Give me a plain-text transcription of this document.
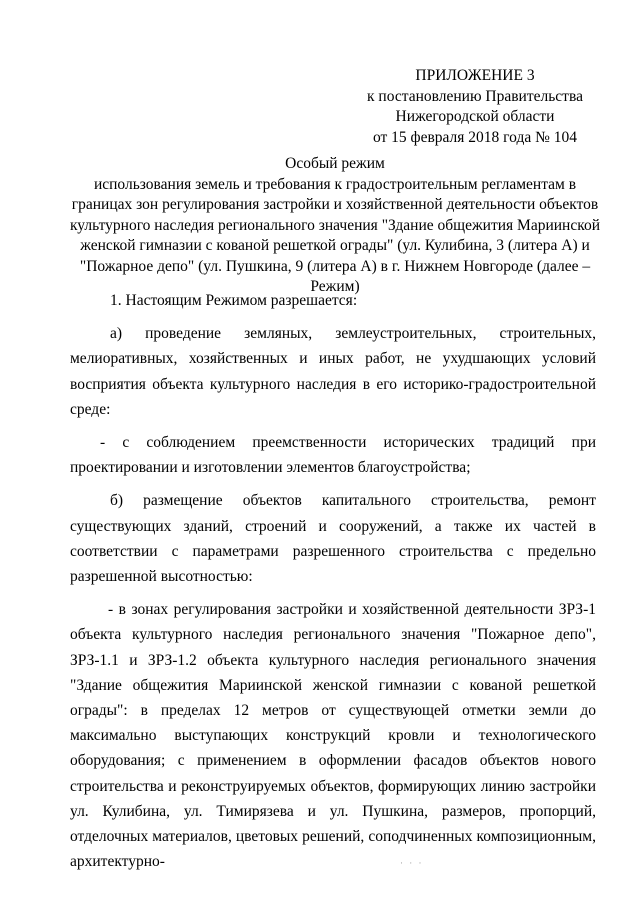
ПРИЛОЖЕНИЕ 3
к постановлению Правительства
Нижегородской области
от 15 февраля 2018 года № 104
Особый режим
использования земель и требования к градостроительным регламентам в границах зон регулирования застройки и хозяйственной деятельности объектов культурного наследия регионального значения "Здание общежития Мариинской женской гимназии с кованой решеткой ограды" (ул. Кулибина, 3 (литера А) и "Пожарное депо" (ул. Пушкина, 9 (литера А) в г. Нижнем Новгороде (далее – Режим)

1. Настоящим Режимом разрешается:

а) проведение земляных, землеустроительных, строительных, мелиоративных, хозяйственных и иных работ, не ухудшающих условий восприятия объекта культурного наследия в его историко-градостроительной среде:

- с соблюдением преемственности исторических традиций при проектировании и изготовлении элементов благоустройства;

б) размещение объектов капитального строительства, ремонт существующих зданий, строений и сооружений, а также их частей в соответствии с параметрами разрешенного строительства с предельно разрешенной высотностью:

- в зонах регулирования застройки и хозяйственной деятельности ЗРЗ-1 объекта культурного наследия регионального значения "Пожарное депо", ЗРЗ-1.1 и ЗРЗ-1.2 объекта культурного наследия регионального значения "Здание общежития Мариинской женской гимназии с кованой решеткой ограды": в пределах 12 метров от существующей отметки земли до максимально выступающих конструкций кровли и технологического оборудования; с применением в оформлении фасадов объектов нового строительства и реконструируемых объектов, формирующих линию застройки ул. Кулибина, ул. Тимирязева и ул. Пушкина, размеров, пропорций, отделочных материалов, цветовых решений, соподчиненных композиционным, архитектурно-	· · ·
